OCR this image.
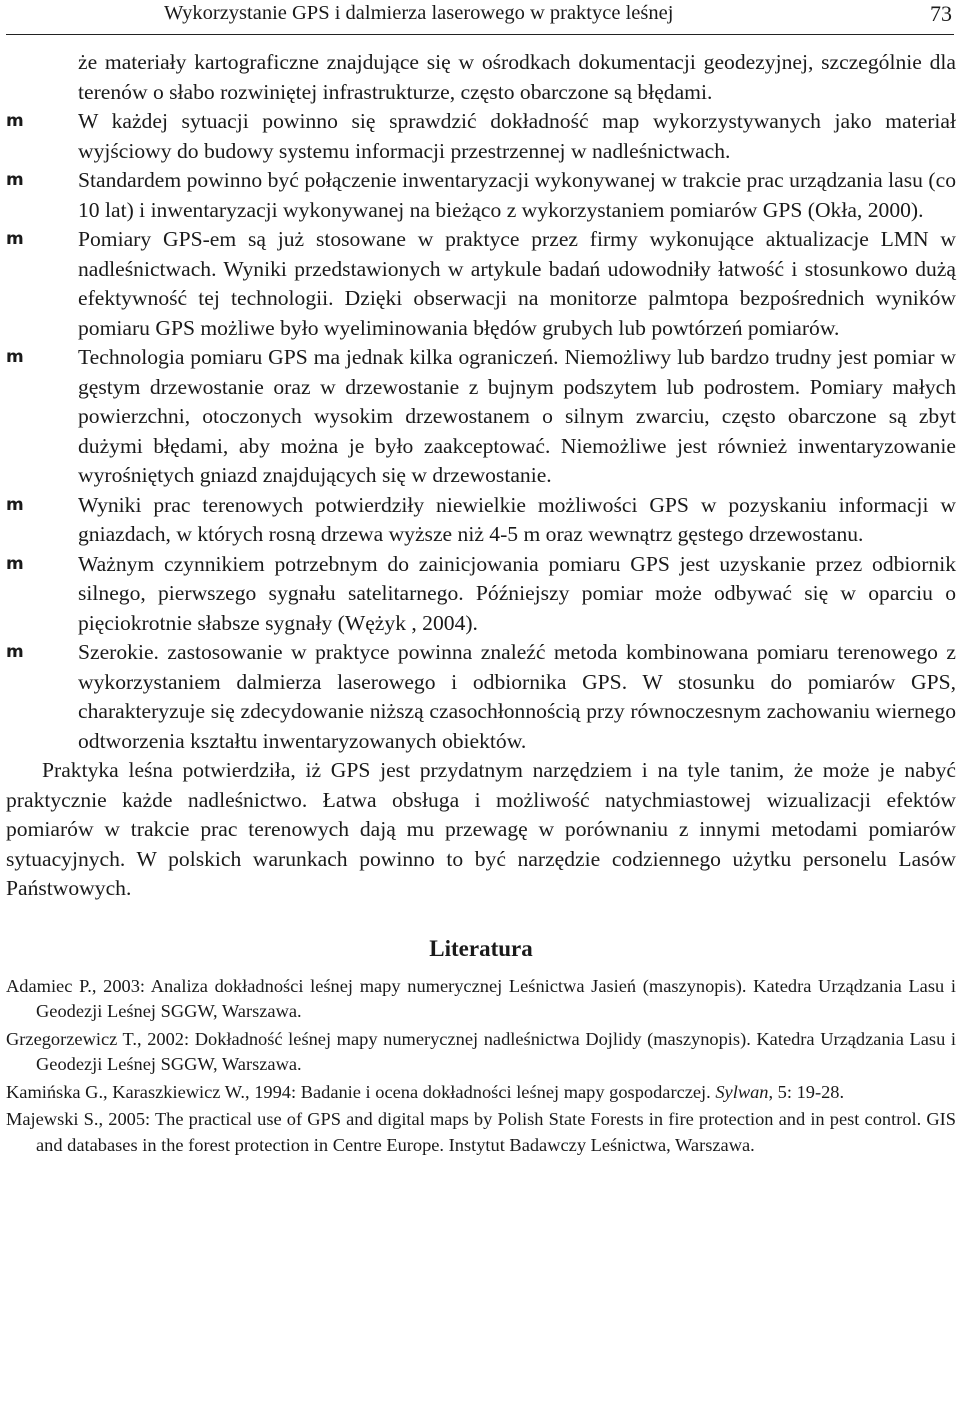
Wykorzystanie GPS i dalmierza laserowego w praktyce leśnej	73
że materiały kartograficzne znajdujące się w ośrodkach dokumentacji geodezyjnej, szczególnie dla terenów o słabo rozwiniętej infrastrukturze, często obarczone są błędami.
m	W każdej sytuacji powinno się sprawdzić dokładność map wykorzystywanych jako materiał wyjściowy do budowy systemu informacji przestrzennej w nadleśnictwach.
m	Standardem powinno być połączenie inwentaryzacji wykonywanej w trakcie prac urządzania lasu (co 10 lat) i inwentaryzacji wykonywanej na bieżąco z wykorzystaniem pomiarów GPS (Okła, 2000).
m	Pomiary GPS-em są już stosowane w praktyce przez firmy wykonujące aktualizacje LMN w nadleśnictwach. Wyniki przedstawionych w artykule badań udowodniły łatwość i stosunkowo dużą efektywność tej technologii. Dzięki obserwacji na monitorze palmtopa bezpośrednich wyników pomiaru GPS możliwe było wyeliminowania błędów grubych lub powtórzeń pomiarów.
m	Technologia pomiaru GPS ma jednak kilka ograniczeń. Niemożliwy lub bardzo trudny jest pomiar w gęstym drzewostanie oraz w drzewostanie z bujnym podszytem lub podrostem. Pomiary małych powierzchni, otoczonych wysokim drzewostanem o silnym zwarciu, często obarczone są zbyt dużymi błędami, aby można je było zaakceptować. Niemożliwe jest również inwentaryzowanie wyrośniętych gniazd znajdujących się w drzewostanie.
m	Wyniki prac terenowych potwierdziły niewielkie możliwości GPS w pozyskaniu informacji w gniazdach, w których rosną drzewa wyższe niż 4-5 m oraz wewnątrz gęstego drzewostanu.
m	Ważnym czynnikiem potrzebnym do zainicjowania pomiaru GPS jest uzyskanie przez odbiornik silnego, pierwszego sygnału satelitarnego. Późniejszy pomiar może odbywać się w oparciu o pięciokrotnie słabsze sygnały (Wężyk , 2004).
m	Szerokie. zastosowanie w praktyce powinna znaleźć metoda kombinowana pomiaru terenowego z wykorzystaniem dalmierza laserowego i odbiornika GPS. W stosunku do pomiarów GPS, charakteryzuje się zdecydowanie niższą czasochłonnością przy równoczesnym zachowaniu wiernego odtworzenia kształtu inwentaryzowanych obiektów.

Praktyka leśna potwierdziła, iż GPS jest przydatnym narzędziem i na tyle tanim, że może je nabyć praktycznie każde nadleśnictwo. Łatwa obsługa i możliwość natychmiastowej wizualizacji efektów pomiarów w trakcie prac terenowych dają mu przewagę w porównaniu z innymi metodami pomiarów sytuacyjnych. W polskich warunkach powinno to być narzędzie codziennego użytku personelu Lasów Państwowych.

Literatura
Adamiec P., 2003: Analiza dokładności leśnej mapy numerycznej Leśnictwa Jasień (maszynopis). Katedra Urządzania Lasu i Geodezji Leśnej SGGW, Warszawa.
Grzegorzewicz T., 2002: Dokładność leśnej mapy numerycznej nadleśnictwa Dojlidy (maszynopis). Katedra Urządzania Lasu i Geodezji Leśnej SGGW, Warszawa.
Kamińska G., Karaszkiewicz W., 1994: Badanie i ocena dokładności leśnej mapy gospodarczej. Sylwan, 5: 19-28.
Majewski S., 2005: The practical use of GPS and digital maps by Polish State Forests in fire protection and in pest control. GIS and databases in the forest protection in Centre Europe. Instytut Badawczy Leśnictwa, Warszawa.
